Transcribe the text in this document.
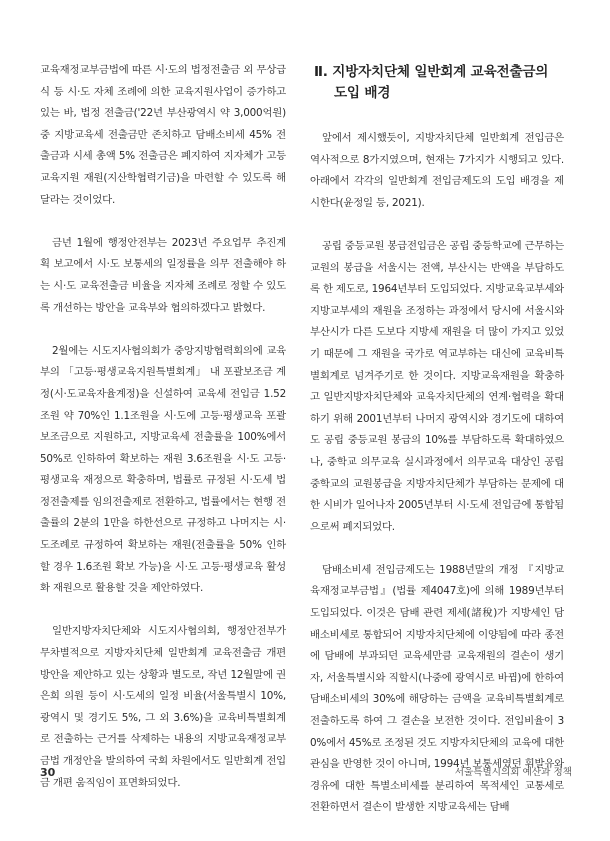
교육재정교부금법에 따른 시·도의 법정전출금 외 무상급식 등 시·도 자체 조례에 의한 교육지원사업이 증가하고 있는 바, 법정 전출금('22년 부산광역시 약 3,000억원) 중 지방교육세 전출금만 존치하고 담배소비세 45% 전출금과 시세 총액 5% 전출금은 폐지하여 지자체가 고등교육지원 재원(지산학협력기금)을 마련할 수 있도록 해달라는 것이었다.

금년 1월에 행정안전부는 2023년 주요업무 추진계획 보고에서 시·도 보통세의 일정률을 의무 전출해야 하는 시·도 교육전출금 비율을 지자체 조례로 정할 수 있도록 개선하는 방안을 교육부와 협의하겠다고 밝혔다.

2월에는 시도지사협의회가 중앙지방협력회의에 교육부의 「고등·평생교육지원특별회계」 내 포괄보조금 계정(시·도교육자율계정)을 신설하여 교육세 전입금 1.52조원 약 70%인 1.1조원을 시·도에 고등·평생교육 포괄보조금으로 지원하고, 지방교육세 전출률을 100%에서 50%로 인하하여 확보하는 재원 3.6조원을 시·도 고등·평생교육 재정으로 확충하며, 법률로 규정된 시·도세 법정전출제를 임의전출제로 전환하고, 법률에서는 현행 전출률의 2분의 1만을 하한선으로 규정하고 나머지는 시·도조례로 규정하여 확보하는 재원(전출률을 50% 인하할 경우 1.6조원 확보 가능)을 시·도 고등·평생교육 활성화 재원으로 활용할 것을 제안하였다.

일반지방자치단체와 시도지사협의회, 행정안전부가 무차별적으로 지방자치단체 일반회계 교육전출금 개편방안을 제안하고 있는 상황과 별도로, 작년 12월말에 권은희 의원 등이 시·도세의 일정 비율(서울특별시 10%, 광역시 및 경기도 5%, 그 외 3.6%)을 교육비특별회계로 전출하는 근거를 삭제하는 내용의 지방교육재정교부금법 개정안을 발의하여 국회 차원에서도 일반회계 전입금 개편 움직임이 표면화되었다.

Ⅱ. 지방자치단체 일반회계 교육전출금의
도입 배경

앞에서 제시했듯이, 지방자치단체 일반회계 전입금은 역사적으로 8가지였으며, 현재는 7가지가 시행되고 있다. 아래에서 각각의 일반회계 전입금제도의 도입 배경을 제시한다(윤정일 등, 2021).

공립 중등교원 봉급전입금은 공립 중등학교에 근무하는 교원의 봉급을 서울시는 전액, 부산시는 반액을 부담하도록 한 제도로, 1964년부터 도입되었다. 지방교육교부세와 지방교부세의 재원을 조정하는 과정에서 당시에 서울시와 부산시가 다른 도보다 지방세 재원을 더 많이 가지고 있었기 때문에 그 재원을 국가로 역교부하는 대신에 교육비특별회계로 넘겨주기로 한 것이다. 지방교육재원을 확충하고 일반지방자치단체와 교육자치단체의 연계·협력을 확대하기 위해 2001년부터 나머지 광역시와 경기도에 대하여도 공립 중등교원 봉급의 10%를 부담하도록 확대하였으나, 중학교 의무교육 실시과정에서 의무교육 대상인 공립중학교의 교원봉급을 지방자치단체가 부담하는 문제에 대한 시비가 일어나자 2005년부터 시·도세 전입금에 통합됨으로써 폐지되었다.

담배소비세 전입금제도는 1988년말의 개정 『지방교육재정교부금법』(법률 제4047호)에 의해 1989년부터 도입되었다. 이것은 담배 관련 제세(諸稅)가 지방세인 담배소비세로 통합되어 지방자치단체에 이양됨에 따라 종전에 담배에 부과되던 교육세만큼 교육재원의 결손이 생기자, 서울특별시와 직할시(나중에 광역시로 바뀜)에 한하여 담배소비세의 30%에 해당하는 금액을 교육비특별회계로 전출하도록 하여 그 결손을 보전한 것이다. 전입비율이 30%에서 45%로 조정된 것도 지방자치단체의 교육에 대한 관심을 반영한 것이 아니며, 1994년 보통세였던 휘발유와 경유에 대한 특별소비세를 분리하여 목적세인 교통세로 전환하면서 결손이 발생한 지방교육세는 담배

30	서울특별시의회 예산과 정책
